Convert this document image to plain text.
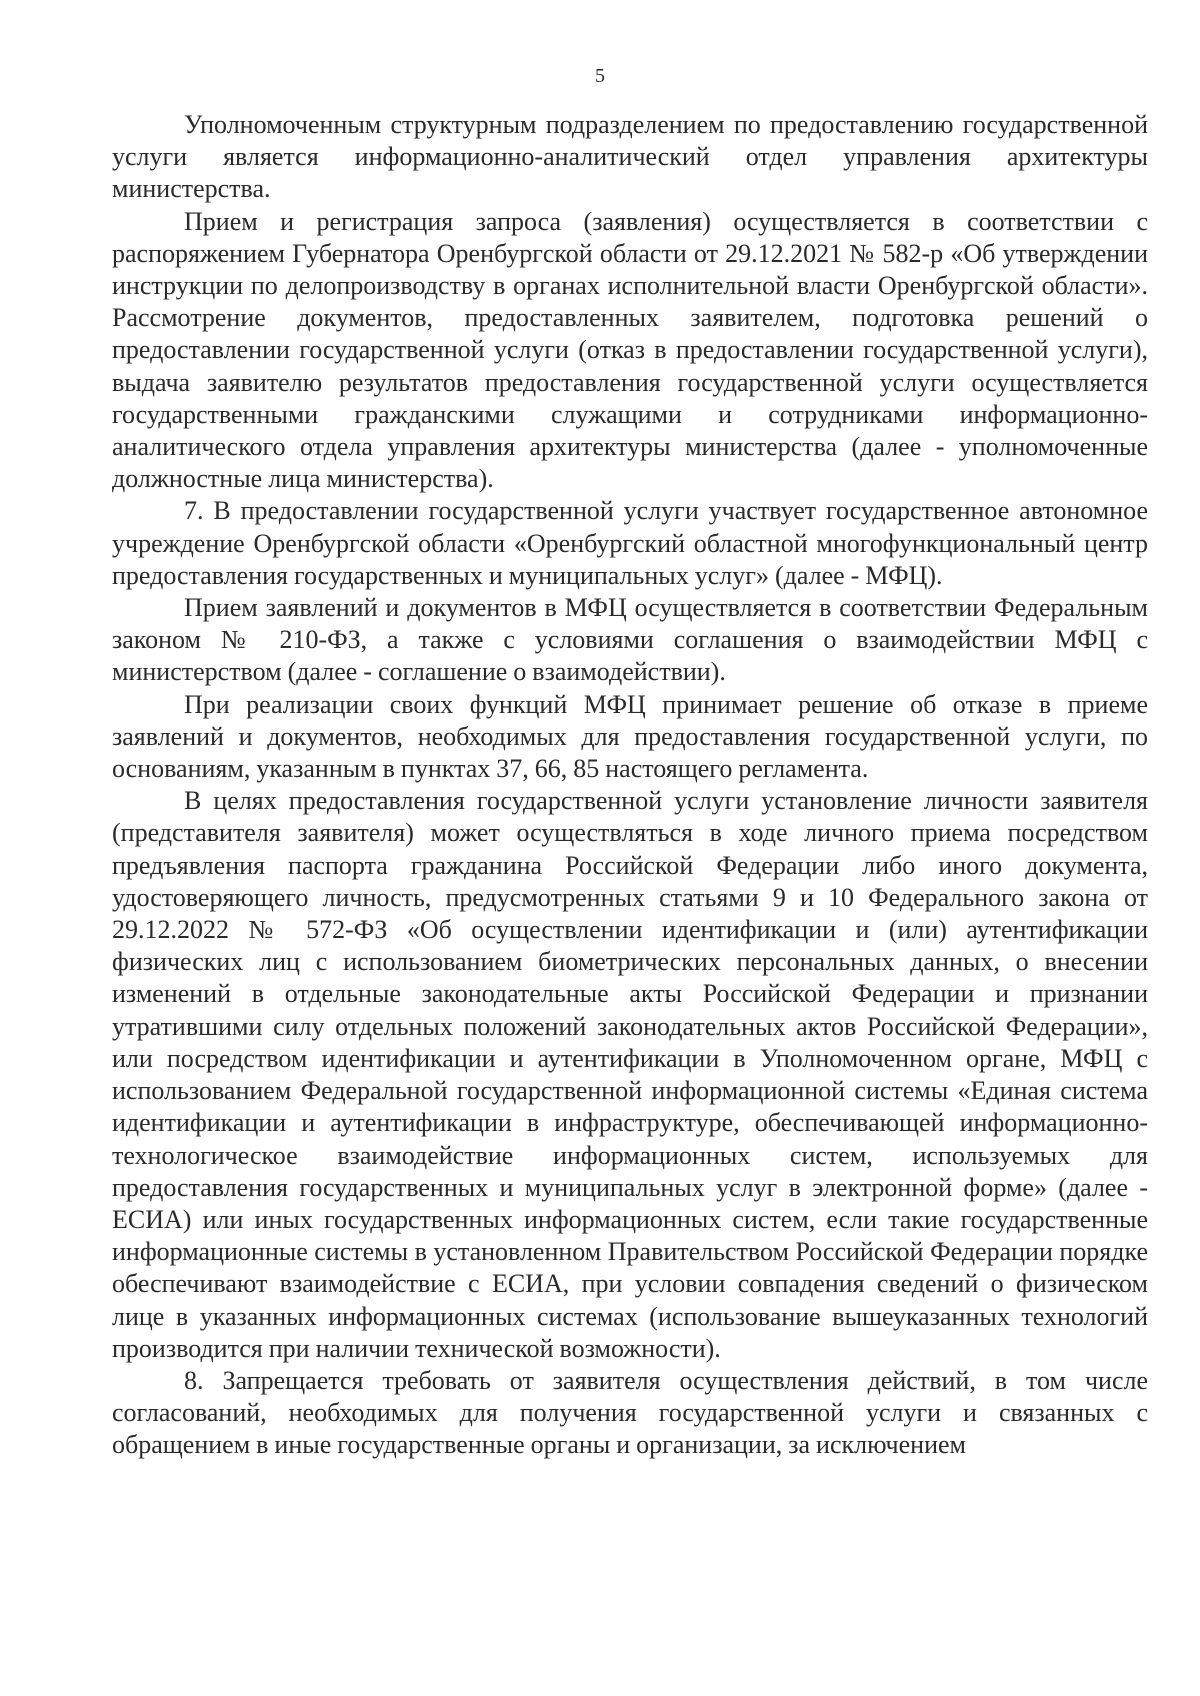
5

Уполномоченным структурным подразделением по предоставлению государственной услуги является информационно-аналитический отдел управления архитектуры министерства.

Прием и регистрация запроса (заявления) осуществляется в соответствии с распоряжением Губернатора Оренбургской области от 29.12.2021 № 582-р «Об утверждении инструкции по делопроизводству в органах исполнительной власти Оренбургской области». Рассмотрение документов, предоставленных заявителем, подготовка решений о предоставлении государственной услуги (отказ в предоставлении государственной услуги), выдача заявителю результатов предоставления государственной услуги осуществляется государственными гражданскими служащими и сотрудниками информационно-аналитического отдела управления архитектуры министерства (далее - уполномоченные должностные лица министерства).

7. В предоставлении государственной услуги участвует государственное автономное учреждение Оренбургской области «Оренбургский областной многофункциональный центр предоставления государственных и муниципальных услуг» (далее - МФЦ).

Прием заявлений и документов в МФЦ осуществляется в соответствии Федеральным законом № 210-ФЗ, а также с условиями соглашения о взаимодействии МФЦ с министерством (далее - соглашение о взаимодействии).

При реализации своих функций МФЦ принимает решение об отказе в приеме заявлений и документов, необходимых для предоставления государственной услуги, по основаниям, указанным в пунктах 37, 66, 85 настоящего регламента.

В целях предоставления государственной услуги установление личности заявителя (представителя заявителя) может осуществляться в ходе личного приема посредством предъявления паспорта гражданина Российской Федерации либо иного документа, удостоверяющего личность, предусмотренных статьями 9 и 10 Федерального закона от 29.12.2022 № 572-ФЗ «Об осуществлении идентификации и (или) аутентификации физических лиц с использованием биометрических персональных данных, о внесении изменений в отдельные законодательные акты Российской Федерации и признании утратившими силу отдельных положений законодательных актов Российской Федерации», или посредством идентификации и аутентификации в Уполномоченном органе, МФЦ с использованием Федеральной государственной информационной системы «Единая система идентификации и аутентификации в инфраструктуре, обеспечивающей информационно-технологическое взаимодействие информационных систем, используемых для предоставления государственных и муниципальных услуг в электронной форме» (далее - ЕСИА) или иных государственных информационных систем, если такие государственные информационные системы в установленном Правительством Российской Федерации порядке обеспечивают взаимодействие с ЕСИА, при условии совпадения сведений о физическом лице в указанных информационных системах (использование вышеуказанных технологий производится при наличии технической возможности).

8. Запрещается требовать от заявителя осуществления действий, в том числе согласований, необходимых для получения государственной услуги и связанных с обращением в иные государственные органы и организации, за исключением
